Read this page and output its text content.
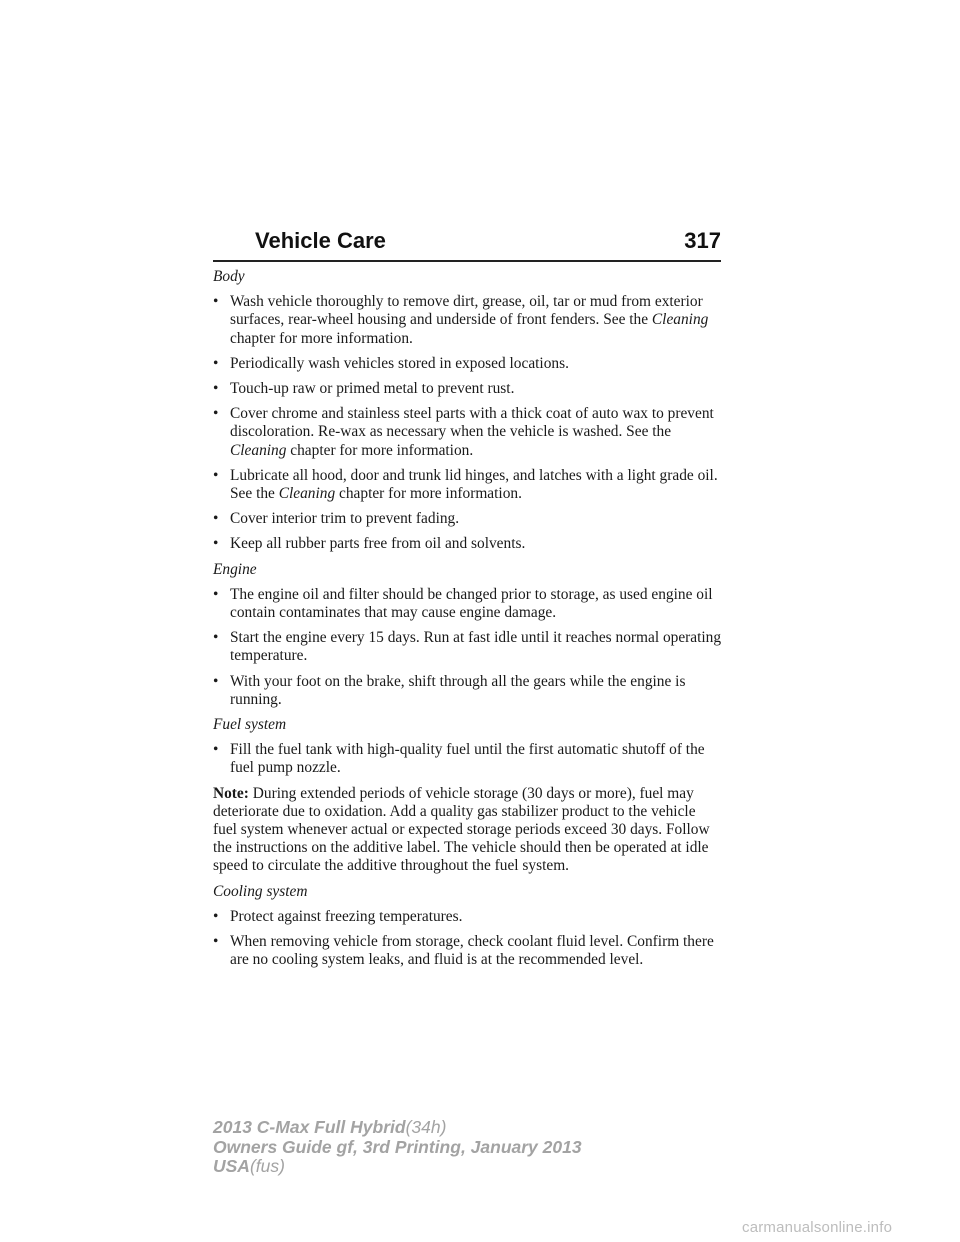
Vehicle Care	317

Body

• Wash vehicle thoroughly to remove dirt, grease, oil, tar or mud from exterior surfaces, rear-wheel housing and underside of front fenders. See the Cleaning chapter for more information.
• Periodically wash vehicles stored in exposed locations.
• Touch-up raw or primed metal to prevent rust.
• Cover chrome and stainless steel parts with a thick coat of auto wax to prevent discoloration. Re-wax as necessary when the vehicle is washed. See the Cleaning chapter for more information.
• Lubricate all hood, door and trunk lid hinges, and latches with a light grade oil. See the Cleaning chapter for more information.
• Cover interior trim to prevent fading.
• Keep all rubber parts free from oil and solvents.

Engine

• The engine oil and filter should be changed prior to storage, as used engine oil contain contaminates that may cause engine damage.
• Start the engine every 15 days. Run at fast idle until it reaches normal operating temperature.
• With your foot on the brake, shift through all the gears while the engine is running.

Fuel system

• Fill the fuel tank with high-quality fuel until the first automatic shutoff of the fuel pump nozzle.

Note: During extended periods of vehicle storage (30 days or more), fuel may deteriorate due to oxidation. Add a quality gas stabilizer product to the vehicle fuel system whenever actual or expected storage periods exceed 30 days. Follow the instructions on the additive label. The vehicle should then be operated at idle speed to circulate the additive throughout the fuel system.

Cooling system

• Protect against freezing temperatures.
• When removing vehicle from storage, check coolant fluid level. Confirm there are no cooling system leaks, and fluid is at the recommended level.
2013 C-Max Full Hybrid(34h)
Owners Guide gf, 3rd Printing, January 2013
USA(fus)
carmanualsonline.info
